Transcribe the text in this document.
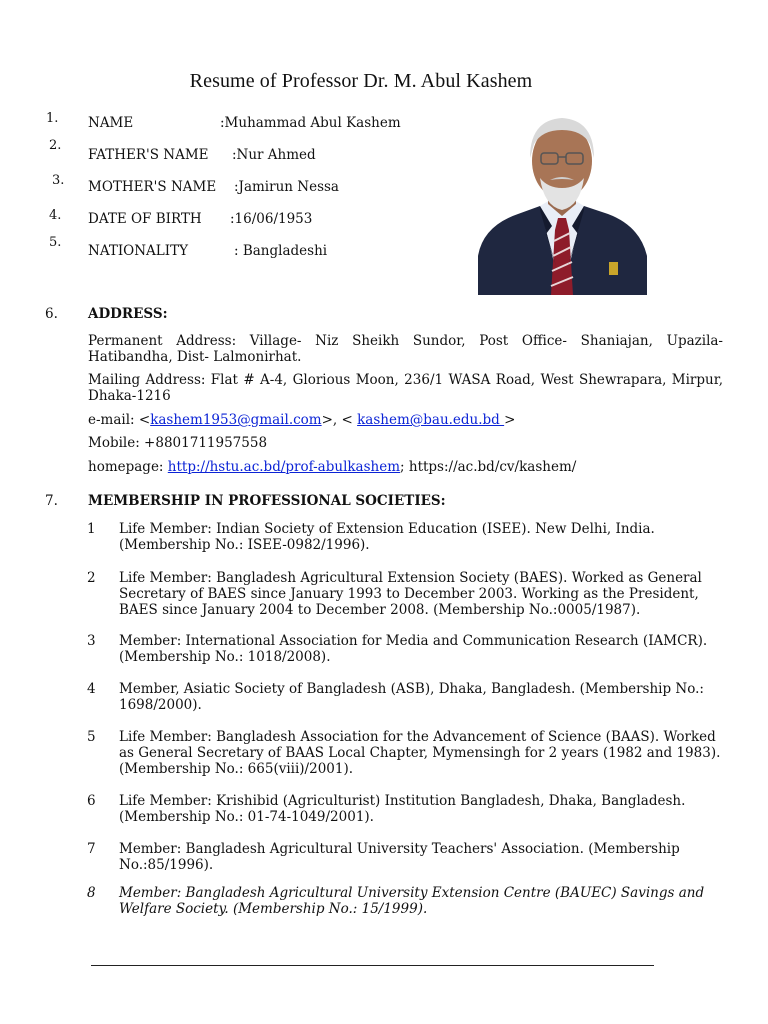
Resume of Professor Dr. M. Abul Kashem
1. NAME	:Muhammad Abul Kashem
2.
FATHER'S NAME :Nur Ahmed
3. MOTHER'S NAME :Jamirun Nessa
4. DATE OF BIRTH :16/06/1953
5.
NATIONALITY	: Bangladeshi
6. ADDRESS:
Permanent Address: Village- Niz Sheikh Sundor, Post Office- Shaniajan, Upazila-Hatibandha, Dist- Lalmonirhat.
Mailing Address: Flat # A-4, Glorious Moon, 236/1 WASA Road, West Shewrapara, Mirpur, Dhaka-1216
e-mail: <kashem1953@gmail.com>, < kashem@bau.edu.bd >
Mobile: +8801711957558
homepage: http://hstu.ac.bd/prof-abulkashem; https://ac.bd/cv/kashem/
7. MEMBERSHIP IN PROFESSIONAL SOCIETIES:
1 Life Member: Indian Society of Extension Education (ISEE). New Delhi, India. (Membership No.: ISEE-0982/1996).
2 Life Member: Bangladesh Agricultural Extension Society (BAES). Worked as General Secretary of BAES since January 1993 to December 2003. Working as the President, BAES since January 2004 to December 2008. (Membership No.:0005/1987).
3 Member: International Association for Media and Communication Research (IAMCR). (Membership No.: 1018/2008).
4 Member, Asiatic Society of Bangladesh (ASB), Dhaka, Bangladesh. (Membership No.: 1698/2000).
5 Life Member: Bangladesh Association for the Advancement of Science (BAAS). Worked as General Secretary of BAAS Local Chapter, Mymensingh for 2 years (1982 and 1983). (Membership No.: 665(viii)/2001).
6 Life Member: Krishibid (Agriculturist) Institution Bangladesh, Dhaka, Bangladesh. (Membership No.: 01-74-1049/2001).
7 Member: Bangladesh Agricultural University Teachers' Association. (Membership No.:85/1996).
8 Member: Bangladesh Agricultural University Extension Centre (BAUEC) Savings and Welfare Society. (Membership No.: 15/1999).
